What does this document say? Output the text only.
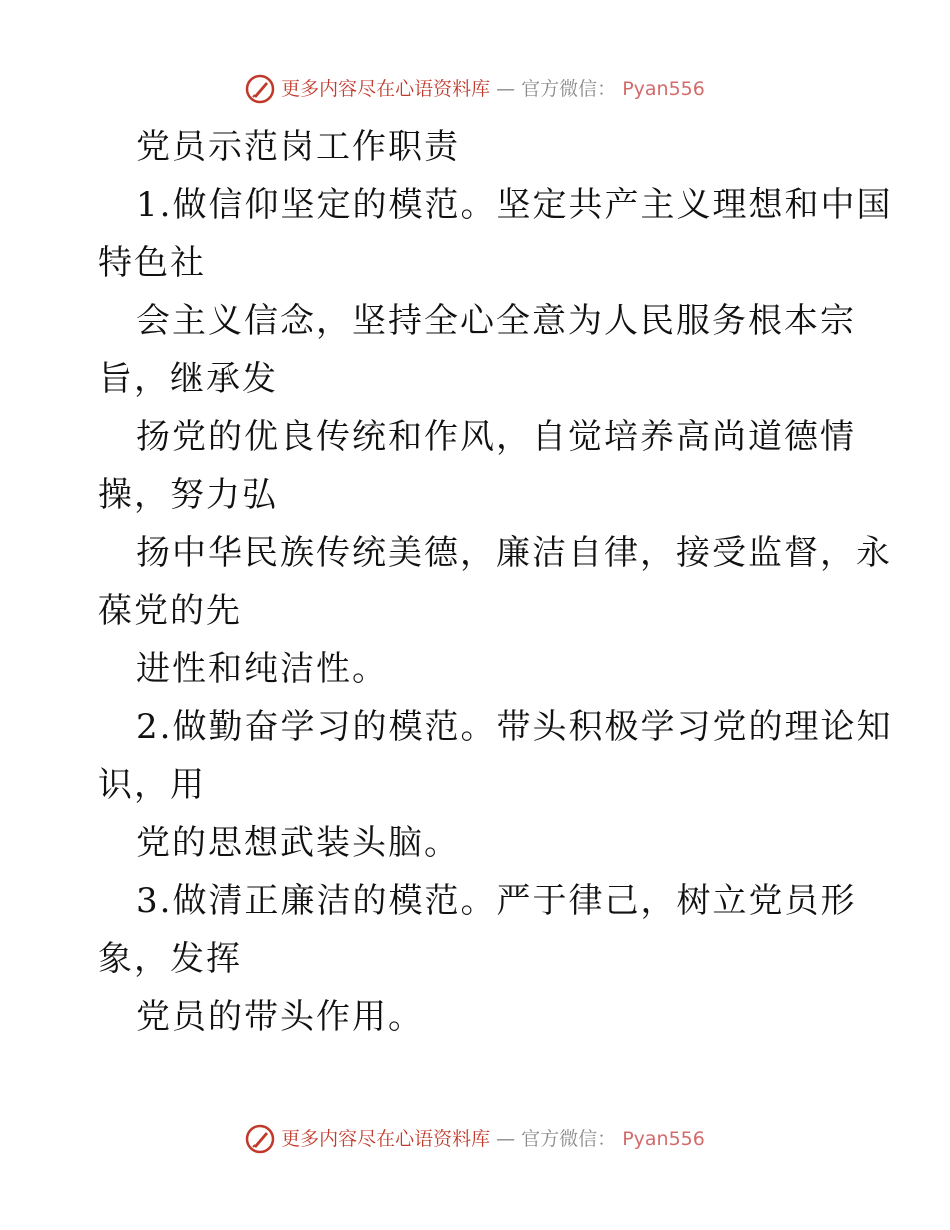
更多内容尽在心语资料库 — 官方微信： Pyan556
党员示范岗工作职责
1.做信仰坚定的模范。坚定共产主义理想和中国
特色社
会主义信念，坚持全心全意为人民服务根本宗
旨，继承发
扬党的优良传统和作风，自觉培养高尚道德情
操，努力弘
扬中华民族传统美德，廉洁自律，接受监督，永
葆党的先
进性和纯洁性。
2.做勤奋学习的模范。带头积极学习党的理论知
识，用
党的思想武装头脑。
3.做清正廉洁的模范。严于律己，树立党员形
象，发挥
党员的带头作用。
更多内容尽在心语资料库 — 官方微信： Pyan556
